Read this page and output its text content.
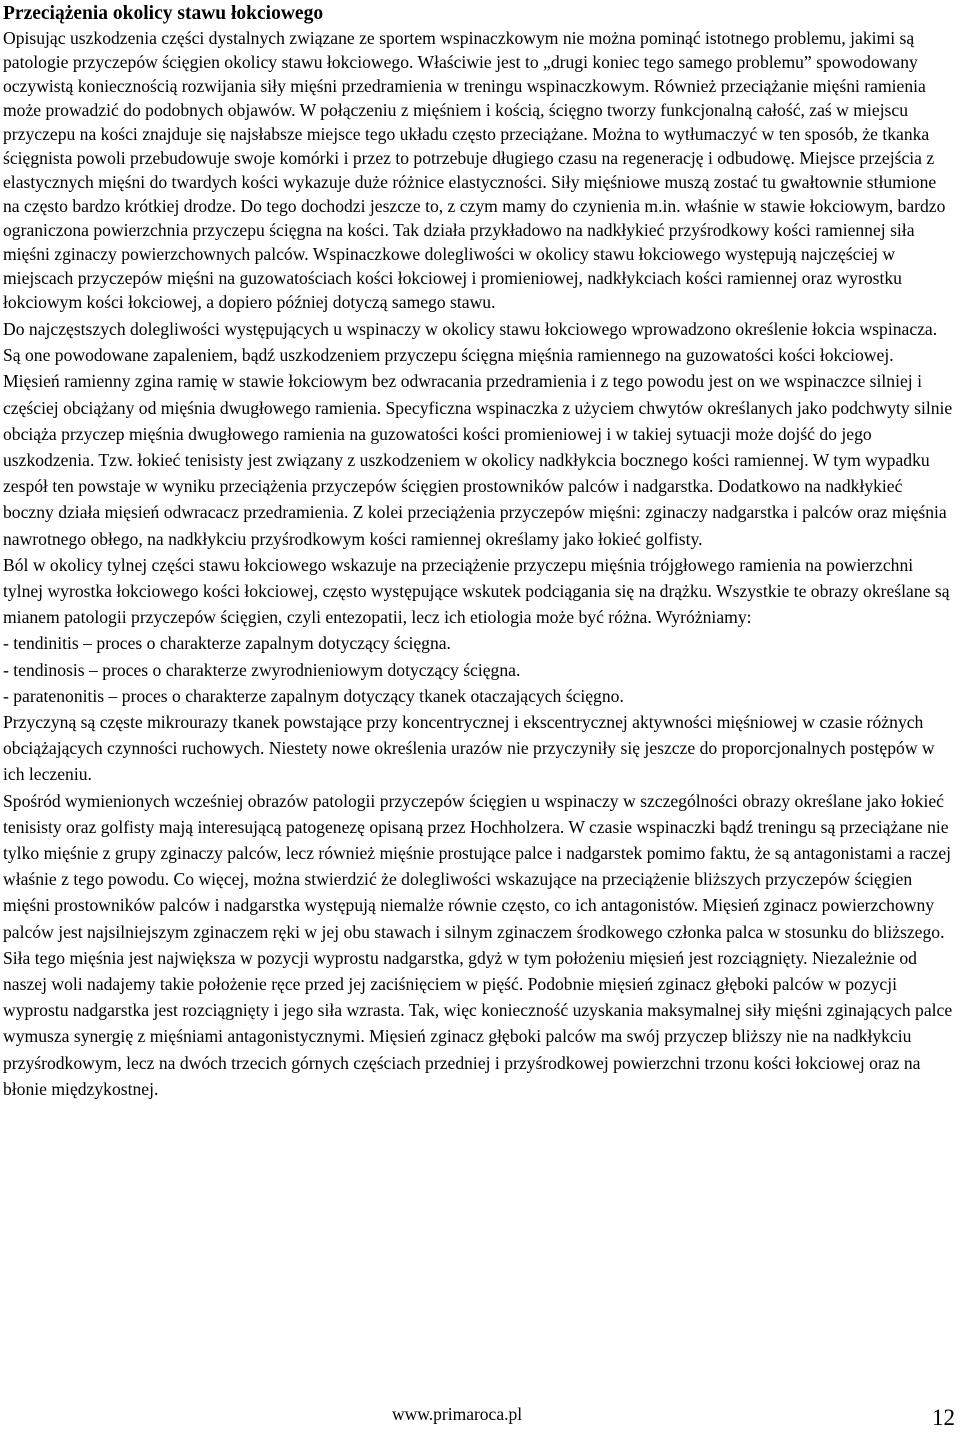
Przeciążenia okolicy stawu łokciowego

Opisując uszkodzenia części dystalnych związane ze sportem wspinaczkowym nie można pominąć istotnego problemu, jakimi są patologie przyczepów ścięgien okolicy stawu łokciowego. Właściwie jest to „drugi koniec tego samego problemu” spowodowany oczywistą koniecznością rozwijania siły mięśni przedramienia w treningu wspinaczkowym. Również przeciążanie mięśni ramienia może prowadzić do podobnych objawów. W połączeniu z mięśniem i kością, ścięgno tworzy funkcjonalną całość, zaś w miejscu przyczepu na kości znajduje się najsłabsze miejsce tego układu często przeciążane. Można to wytłumaczyć w ten sposób, że tkanka ścięgnista powoli przebudowuje swoje komórki i przez to potrzebuje długiego czasu na regenerację i odbudowę. Miejsce przejścia z elastycznych mięśni do twardych kości wykazuje duże różnice elastyczności. Siły mięśniowe muszą zostać tu gwałtownie stłumione na często bardzo krótkiej drodze. Do tego dochodzi jeszcze to, z czym mamy do czynienia m.in. właśnie w stawie łokciowym, bardzo ograniczona powierzchnia przyczepu ścięgna na kości. Tak działa przykładowo na nadkłykieć przyśrodkowy kości ramiennej siła mięśni zginaczy powierzchownych palców. Wspinaczkowe dolegliwości w okolicy stawu łokciowego występują najczęściej w miejscach przyczepów mięśni na guzowatościach kości łokciowej i promieniowej, nadkłykciach kości ramiennej oraz wyrostku łokciowym kości łokciowej, a dopiero później dotyczą samego stawu.

Do najczęstszych dolegliwości występujących u wspinaczy w okolicy stawu łokciowego wprowadzono określenie łokcia wspinacza. Są one powodowane zapaleniem, bądź uszkodzeniem przyczepu ścięgna mięśnia ramiennego na guzowatości kości łokciowej. Mięsień ramienny zgina ramię w stawie łokciowym bez odwracania przedramienia i z tego powodu jest on we wspinaczce silniej i częściej obciążany od mięśnia dwugłowego ramienia. Specyficzna wspinaczka z użyciem chwytów określanych jako podchwyty silnie obciąża przyczep mięśnia dwugłowego ramienia na guzowatości kości promieniowej i w takiej sytuacji może dojść do jego uszkodzenia. Tzw. łokieć tenisisty jest związany z uszkodzeniem w okolicy nadkłykcia bocznego kości ramiennej. W tym wypadku zespół ten powstaje w wyniku przeciążenia przyczepów ścięgien prostowników palców i nadgarstka. Dodatkowo na nadkłykieć boczny działa mięsień odwracacz przedramienia. Z kolei przeciążenia przyczepów mięśni: zginaczy nadgarstka i palców oraz mięśnia nawrotnego obłego, na nadkłykciu przyśrodkowym kości ramiennej określamy jako łokieć golfisty.

Ból w okolicy tylnej części stawu łokciowego wskazuje na przeciążenie przyczepu mięśnia trójgłowego ramienia na powierzchni tylnej wyrostka łokciowego kości łokciowej, często występujące wskutek podciągania się na drążku. Wszystkie te obrazy określane są mianem patologii przyczepów ścięgien, czyli entezopatii, lecz ich etiologia może być różna. Wyróżniamy:

- tendinitis – proces o charakterze zapalnym dotyczący ścięgna.

- tendinosis – proces o charakterze zwyrodnieniowym dotyczący ścięgna.

- paratenonitis – proces o charakterze zapalnym dotyczący tkanek otaczających ścięgno.

Przyczyną są częste mikrourazy tkanek powstające przy koncentrycznej i ekscentrycznej aktywności mięśniowej w czasie różnych obciążających czynności ruchowych. Niestety nowe określenia urazów nie przyczyniły się jeszcze do proporcjonalnych postępów w ich leczeniu.

Spośród wymienionych wcześniej obrazów patologii przyczepów ścięgien u wspinaczy w szczególności obrazy określane jako łokieć tenisisty oraz golfisty mają interesującą patogenezę opisaną przez Hochholzera. W czasie wspinaczki bądź treningu są przeciążane nie tylko mięśnie z grupy zginaczy palców, lecz również mięśnie prostujące palce i nadgarstek pomimo faktu, że są antagonistami a raczej właśnie z tego powodu. Co więcej, można stwierdzić że dolegliwości wskazujące na przeciążenie bliższych przyczepów ścięgien mięśni prostowników palców i nadgarstka występują niemalże równie często, co ich antagonistów. Mięsień zginacz powierzchowny palców jest najsilniejszym zginaczem ręki w jej obu stawach i silnym zginaczem środkowego członka palca w stosunku do bliższego. Siła tego mięśnia jest największa w pozycji wyprostu nadgarstka, gdyż w tym położeniu mięsień jest rozciągnięty. Niezależnie od naszej woli nadajemy takie położenie ręce przed jej zaciśnięciem w pięść. Podobnie mięsień zginacz głęboki palców w pozycji wyprostu nadgarstka jest rozciągnięty i jego siła wzrasta. Tak, więc konieczność uzyskania maksymalnej siły mięśni zginających palce wymusza synergię z mięśniami antagonistycznymi. Mięsień zginacz głęboki palców ma swój przyczep bliższy nie na nadkłykciu przyśrodkowym, lecz na dwóch trzecich górnych częściach przedniej i przyśrodkowej powierzchni trzonu kości łokciowej oraz na błonie międzykostnej.

www.primaroca.pl	12
